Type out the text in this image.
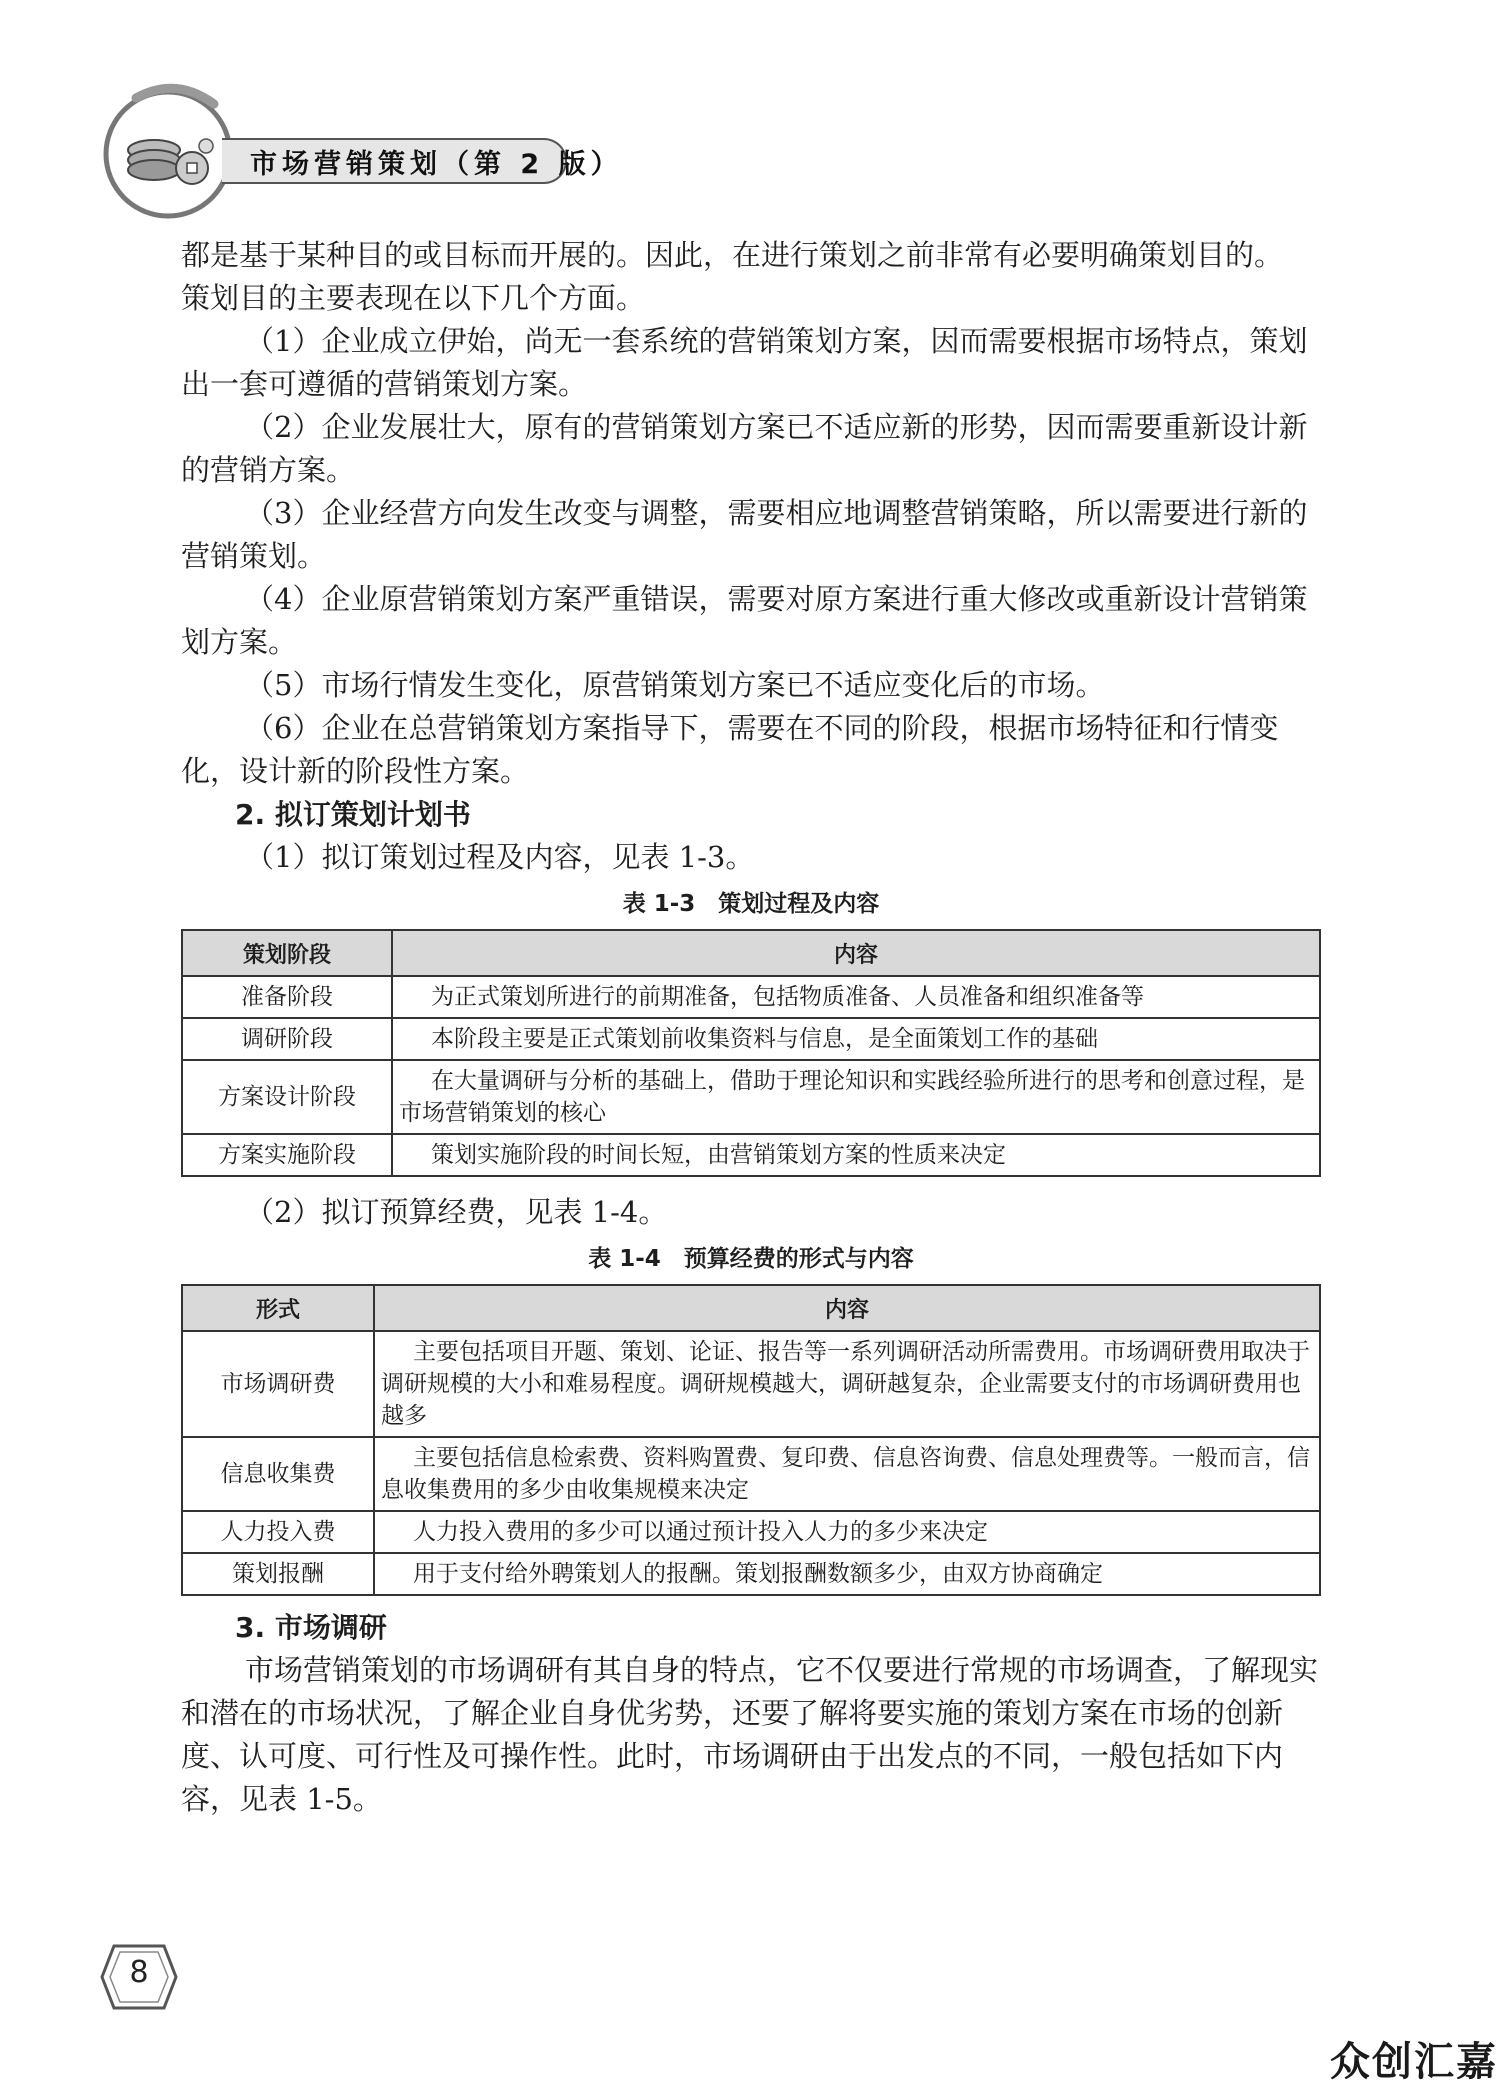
市场营销策划（第 2 版）

都是基于某种目的或目标而开展的。因此，在进行策划之前非常有必要明确策划目的。

策划目的主要表现在以下几个方面。

（1）企业成立伊始，尚无一套系统的营销策划方案，因而需要根据市场特点，策划出一套可遵循的营销策划方案。

（2）企业发展壮大，原有的营销策划方案已不适应新的形势，因而需要重新设计新的营销方案。

（3）企业经营方向发生改变与调整，需要相应地调整营销策略，所以需要进行新的营销策划。

（4）企业原营销策划方案严重错误，需要对原方案进行重大修改或重新设计营销策划方案。

（5）市场行情发生变化，原营销策划方案已不适应变化后的市场。

（6）企业在总营销策划方案指导下，需要在不同的阶段，根据市场特征和行情变化，设计新的阶段性方案。

2. 拟订策划计划书

（1）拟订策划过程及内容，见表 1-3。

表 1-3　策划过程及内容
策划阶段	内容
准备阶段	为正式策划所进行的前期准备，包括物质准备、人员准备和组织准备等
调研阶段	本阶段主要是正式策划前收集资料与信息，是全面策划工作的基础
方案设计阶段	在大量调研与分析的基础上，借助于理论知识和实践经验所进行的思考和创意过程，是市场营销策划的核心
方案实施阶段	策划实施阶段的时间长短，由营销策划方案的性质来决定

（2）拟订预算经费，见表 1-4。

表 1-4　预算经费的形式与内容
形式	内容
市场调研费	主要包括项目开题、策划、论证、报告等一系列调研活动所需费用。市场调研费用取决于调研规模的大小和难易程度。调研规模越大，调研越复杂，企业需要支付的市场调研费用也越多
信息收集费	主要包括信息检索费、资料购置费、复印费、信息咨询费、信息处理费等。一般而言，信息收集费用的多少由收集规模来决定
人力投入费	人力投入费用的多少可以通过预计投入人力的多少来决定
策划报酬	用于支付给外聘策划人的报酬。策划报酬数额多少，由双方协商确定

3. 市场调研

市场营销策划的市场调研有其自身的特点，它不仅要进行常规的市场调查，了解现实和潜在的市场状况，了解企业自身优劣势，还要了解将要实施的策划方案在市场的创新度、认可度、可行性及可操作性。此时，市场调研由于出发点的不同，一般包括如下内容，见表 1-5。

8
众创汇嘉
